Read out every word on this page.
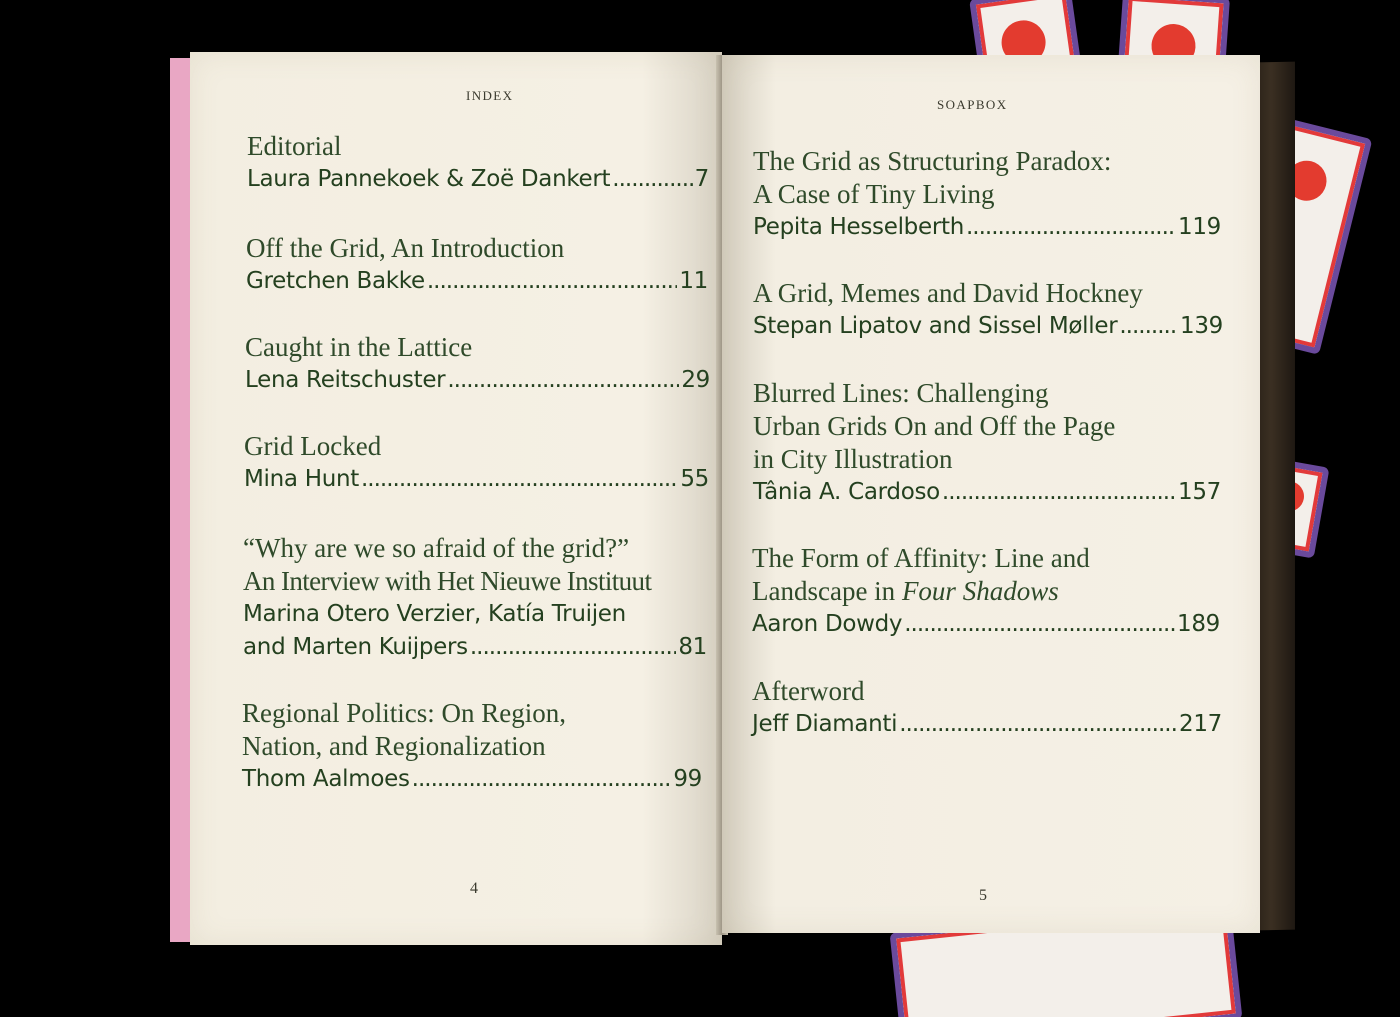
INDEX
Editorial
Laura Pannekoek & Zoë Dankert .....	7
Off the Grid, An Introduction
Gretchen Bakke .....	11
Caught in the Lattice
Lena Reitschuster .....	29
Grid Locked
Mina Hunt .....	55
“Why are we so afraid of the grid?”
An Interview with Het Nieuwe Instituut
Marina Otero Verzier, Katía Truijen
and Marten Kuijpers .....	81
Regional Politics: On Region,
Nation, and Regionalization
Thom Aalmoes .....	99
4
SOAPBOX
The Grid as Structuring Paradox:
A Case of Tiny Living
Pepita Hesselberth .....	119
A Grid, Memes and David Hockney
Stepan Lipatov and Sissel Møller .....	139
Blurred Lines: Challenging
Urban Grids On and Off the Page
in City Illustration
Tânia A. Cardoso .....	157
The Form of Affinity: Line and
Landscape in Four Shadows
Aaron Dowdy .....	189
Afterword
Jeff Diamanti .....	217
5
